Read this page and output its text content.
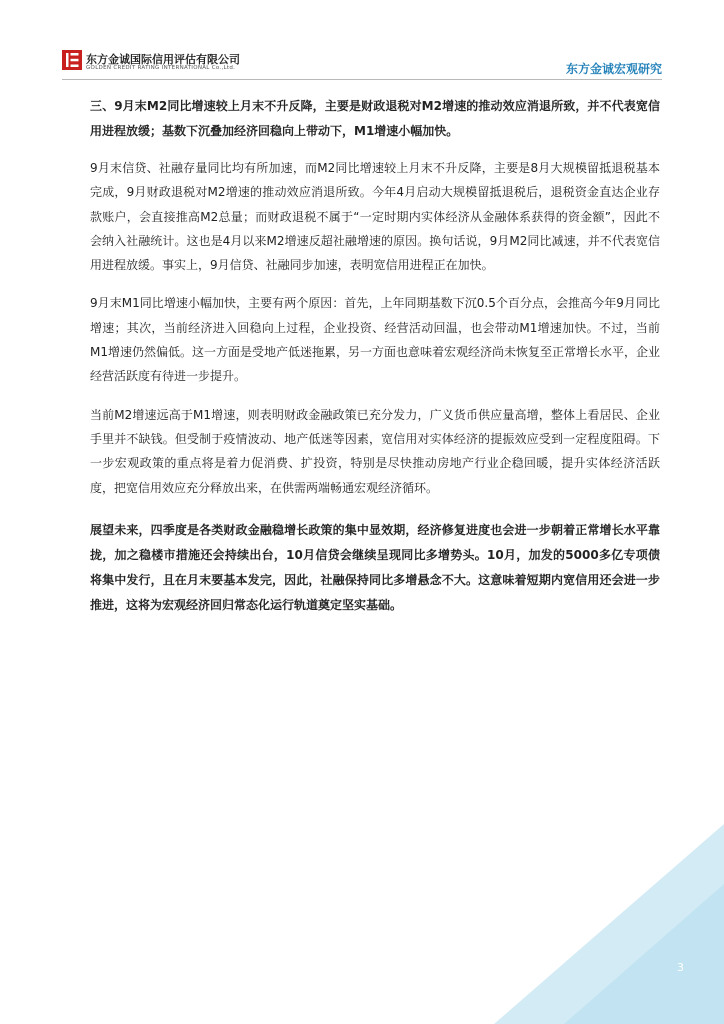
东方金诚国际信用评估有限公司
GOLDEN CREDIT RATING INTERNATIONAL Co.,Ltd.	东方金诚宏观研究

三、9月末M2同比增速较上月末不升反降，主要是财政退税对M2增速的推动效应消退所致，并不代表宽信用进程放缓；基数下沉叠加经济回稳向上带动下，M1增速小幅加快。

9月末信贷、社融存量同比均有所加速，而M2同比增速较上月末不升反降，主要是8月大规模留抵退税基本完成，9月财政退税对M2增速的推动效应消退所致。今年4月启动大规模留抵退税后，退税资金直达企业存款账户，会直接推高M2总量；而财政退税不属于“一定时期内实体经济从金融体系获得的资金额”，因此不会纳入社融统计。这也是4月以来M2增速反超社融增速的原因。换句话说，9月M2同比减速，并不代表宽信用进程放缓。事实上，9月信贷、社融同步加速，表明宽信用进程正在加快。

9月末M1同比增速小幅加快，主要有两个原因：首先，上年同期基数下沉0.5个百分点，会推高今年9月同比增速；其次，当前经济进入回稳向上过程，企业投资、经营活动回温，也会带动M1增速加快。不过，当前M1增速仍然偏低。这一方面是受地产低迷拖累，另一方面也意味着宏观经济尚未恢复至正常增长水平，企业经营活跃度有待进一步提升。

当前M2增速远高于M1增速，则表明财政金融政策已充分发力，广义货币供应量高增，整体上看居民、企业手里并不缺钱。但受制于疫情波动、地产低迷等因素，宽信用对实体经济的提振效应受到一定程度阻碍。下一步宏观政策的重点将是着力促消费、扩投资，特别是尽快推动房地产行业企稳回暖，提升实体经济活跃度，把宽信用效应充分释放出来，在供需两端畅通宏观经济循环。

展望未来，四季度是各类财政金融稳增长政策的集中显效期，经济修复进度也会进一步朝着正常增长水平靠拢，加之稳楼市措施还会持续出台，10月信贷会继续呈现同比多增势头。10月，加发的5000多亿专项债将集中发行，且在月末要基本发完，因此，社融保持同比多增悬念不大。这意味着短期内宽信用还会进一步推进，这将为宏观经济回归常态化运行轨道奠定坚实基础。

3
